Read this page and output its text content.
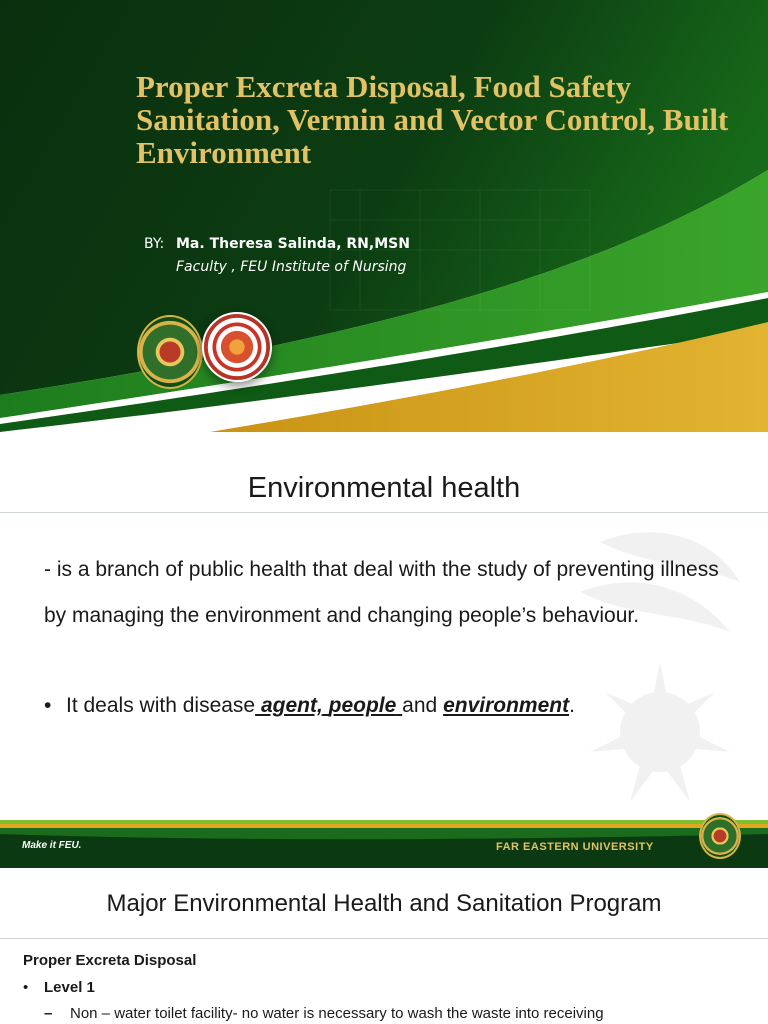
Proper Excreta Disposal, Food Safety Sanitation, Vermin and Vector Control, Built Environment
BY: Ma. Theresa Salinda, RN,MSN
Faculty , FEU Institute of Nursing
Environmental health

- is a branch of public health that deal with the study of preventing illness by managing the environment and changing people’s behaviour.

• It deals with disease agent, people and environment.

Make it FEU.	FAR EASTERN UNIVERSITY
Major Environmental Health and Sanitation Program
Proper Excreta Disposal
• Level 1
– Non – water toilet facility- no water is necessary to wash the waste into receiving
